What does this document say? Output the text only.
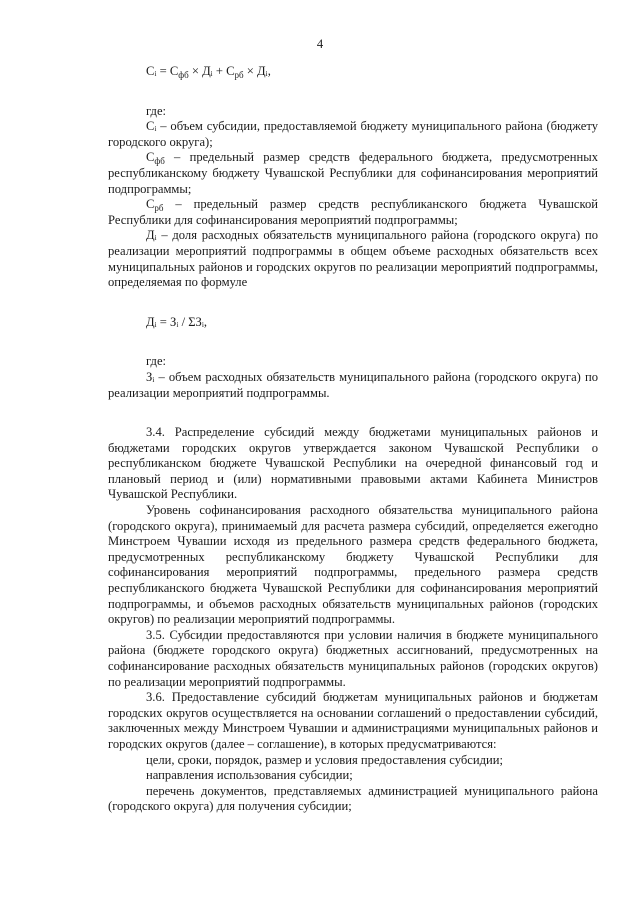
4
Cᵢ = $C_{фб}$ × Дᵢ + $C_{рб}$ × Дᵢ,

где:

Cᵢ – объем субсидии, предоставляемой бюджету муниципального района (бюджету городского округа);

$C_{фб}$ – предельный размер средств федерального бюджета, предусмотренных республиканскому бюджету Чувашской Республики для софинансирования мероприятий подпрограммы;

$C_{рб}$ – предельный размер средств республиканского бюджета Чувашской Республики для софинансирования мероприятий подпрограммы;

Дᵢ – доля расходных обязательств муниципального района (городского округа) по реализации мероприятий подпрограммы в общем объеме расходных обязательств всех муниципальных районов и городских округов по реализации мероприятий подпрограммы, определяемая по формуле

Дᵢ = Зᵢ / ΣЗᵢ,

где:

Зᵢ – объем расходных обязательств муниципального района (городского округа) по реализации мероприятий подпрограммы.

3.4. Распределение субсидий между бюджетами муниципальных районов и бюджетами городских округов утверждается законом Чувашской Республики о республиканском бюджете Чувашской Республики на очередной финансовый год и плановый период и (или) нормативными правовыми актами Кабинета Министров Чувашской Республики.

Уровень софинансирования расходного обязательства муниципального района (городского округа), принимаемый для расчета размера субсидий, определяется ежегодно Минстроем Чувашии исходя из предельного размера средств федерального бюджета, предусмотренных республиканскому бюджету Чувашской Республики для софинансирования мероприятий подпрограммы, предельного размера средств республиканского бюджета Чувашской Республики для софинансирования мероприятий подпрограммы, и объемов расходных обязательств муниципальных районов (городских округов) по реализации мероприятий подпрограммы.

3.5. Субсидии предоставляются при условии наличия в бюджете муниципального района (бюджете городского округа) бюджетных ассигнований, предусмотренных на софинансирование расходных обязательств муниципальных районов (городских округов) по реализации мероприятий подпрограммы.

3.6. Предоставление субсидий бюджетам муниципальных районов и бюджетам городских округов осуществляется на основании соглашений о предоставлении субсидий, заключенных между Минстроем Чувашии и администрациями муниципальных районов и городских округов (далее – соглашение), в которых предусматриваются:

цели, сроки, порядок, размер и условия предоставления субсидии;

направления использования субсидии;

перечень документов, представляемых администрацией муниципального района (городского округа) для получения субсидии;
